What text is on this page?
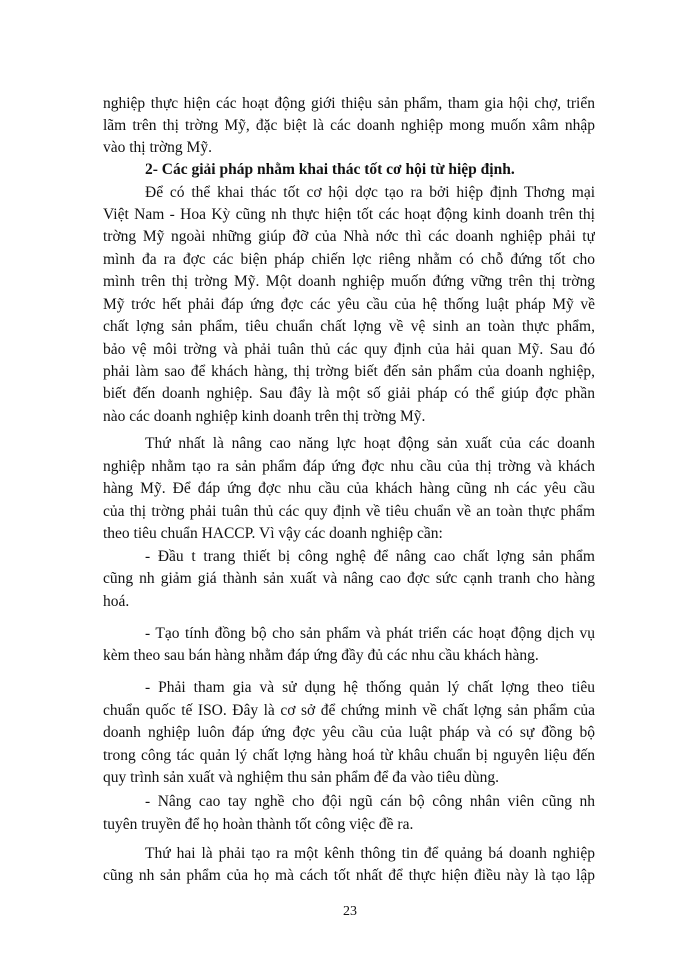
nghiệp thực hiện các hoạt động giới thiệu sản phẩm, tham gia hội chợ, triển
lãm trên thị trờng Mỹ, đặc biệt là các doanh nghiệp mong muốn xâm nhập
vào thị trờng Mỹ.
2- Các giải pháp nhằm khai thác tốt cơ hội từ hiệp định.
Để có thể khai thác tốt cơ hội dợc tạo ra bởi hiệp định Thơng mại
Việt Nam - Hoa Kỳ cũng nh thực hiện tốt các hoạt động kinh doanh trên thị
trờng Mỹ ngoài những giúp đỡ của Nhà nớc thì các doanh nghiệp phải tự
mình đa ra đợc các biện pháp chiến lợc riêng nhằm có chỗ đứng tốt cho
mình trên thị trờng Mỹ. Một doanh nghiệp muốn đứng vững trên thị trờng
Mỹ trớc hết phải đáp ứng đợc các yêu cầu của hệ thống luật pháp Mỹ về
chất lợng sản phẩm, tiêu chuẩn chất lợng về vệ sinh an toàn thực phẩm,
bảo vệ môi trờng và phải tuân thủ các quy định của hải quan Mỹ. Sau đó
phải làm sao để khách hàng, thị trờng biết đến sản phẩm của doanh nghiệp,
biết đến doanh nghiệp. Sau đây là một số giải pháp có thể giúp đợc phần
nào các doanh nghiệp kinh doanh trên thị trờng Mỹ.
Thứ nhất là nâng cao năng lực hoạt động sản xuất của các doanh
nghiệp nhằm tạo ra sản phẩm đáp ứng đợc nhu cầu của thị trờng và khách
hàng Mỹ. Để đáp ứng đợc nhu cầu của khách hàng cũng nh các yêu cầu
của thị trờng phải tuân thủ các quy định về tiêu chuẩn về an toàn thực phẩm
theo tiêu chuẩn HACCP. Vì vậy các doanh nghiệp cần:
- Đầu t trang thiết bị công nghệ để nâng cao chất lợng sản phẩm
cũng nh giảm giá thành sản xuất và nâng cao đợc sức cạnh tranh cho hàng
hoá.
- Tạo tính đồng bộ cho sản phẩm và phát triển các hoạt động dịch vụ
kèm theo sau bán hàng nhằm đáp ứng đầy đủ các nhu cầu khách hàng.
- Phải tham gia và sử dụng hệ thống quản lý chất lợng theo tiêu
chuẩn quốc tế ISO. Đây là cơ sở để chứng minh về chất lợng sản phẩm của
doanh nghiệp luôn đáp ứng đợc yêu cầu của luật pháp và có sự đồng bộ
trong công tác quản lý chất lợng hàng hoá từ khâu chuẩn bị nguyên liệu đến
quy trình sản xuất và nghiệm thu sản phẩm để đa vào tiêu dùng.
- Nâng cao tay nghề cho đội ngũ cán bộ công nhân viên cũng nh
tuyên truyền để họ hoàn thành tốt công việc đề ra.
Thứ hai là phải tạo ra một kênh thông tin để quảng bá doanh nghiệp
cũng nh sản phẩm của họ mà cách tốt nhất để thực hiện điều này là tạo lập
23
